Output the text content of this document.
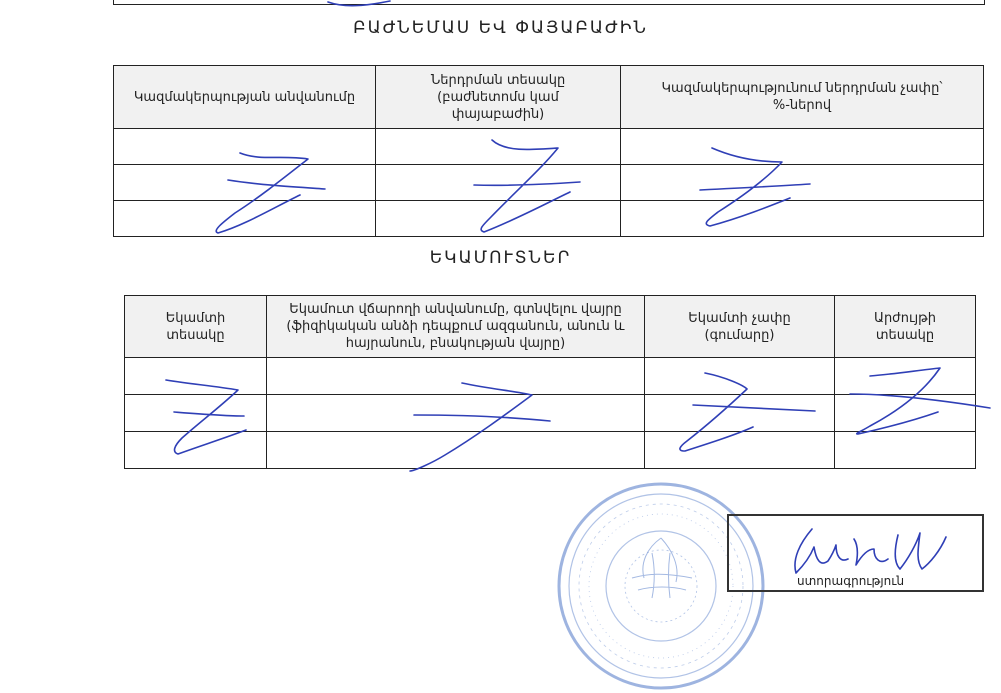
ԲԱԺՆԵՄԱՍ ԵՎ ՓԱՅԱԲԱԺԻՆ
Կազմակերպության անվանումը	Ներդրման տեսակը (բաժնետոմս կամ փայաբաժին)	Կազմակերպությունում ներդրման չափը՝ %-ներով

ԵԿԱՄՈՒՏՆԵՐ
Եկամտի տեսակը	Եկամուտ վճարողի անվանումը, գտնվելու վայրը (ֆիզիկական անձի դեպքում ազգանուն, անուն և հայրանուն, բնակության վայրը)	Եկամտի չափը (գումարը)	Արժույթի տեսակը

ստորագրություն
